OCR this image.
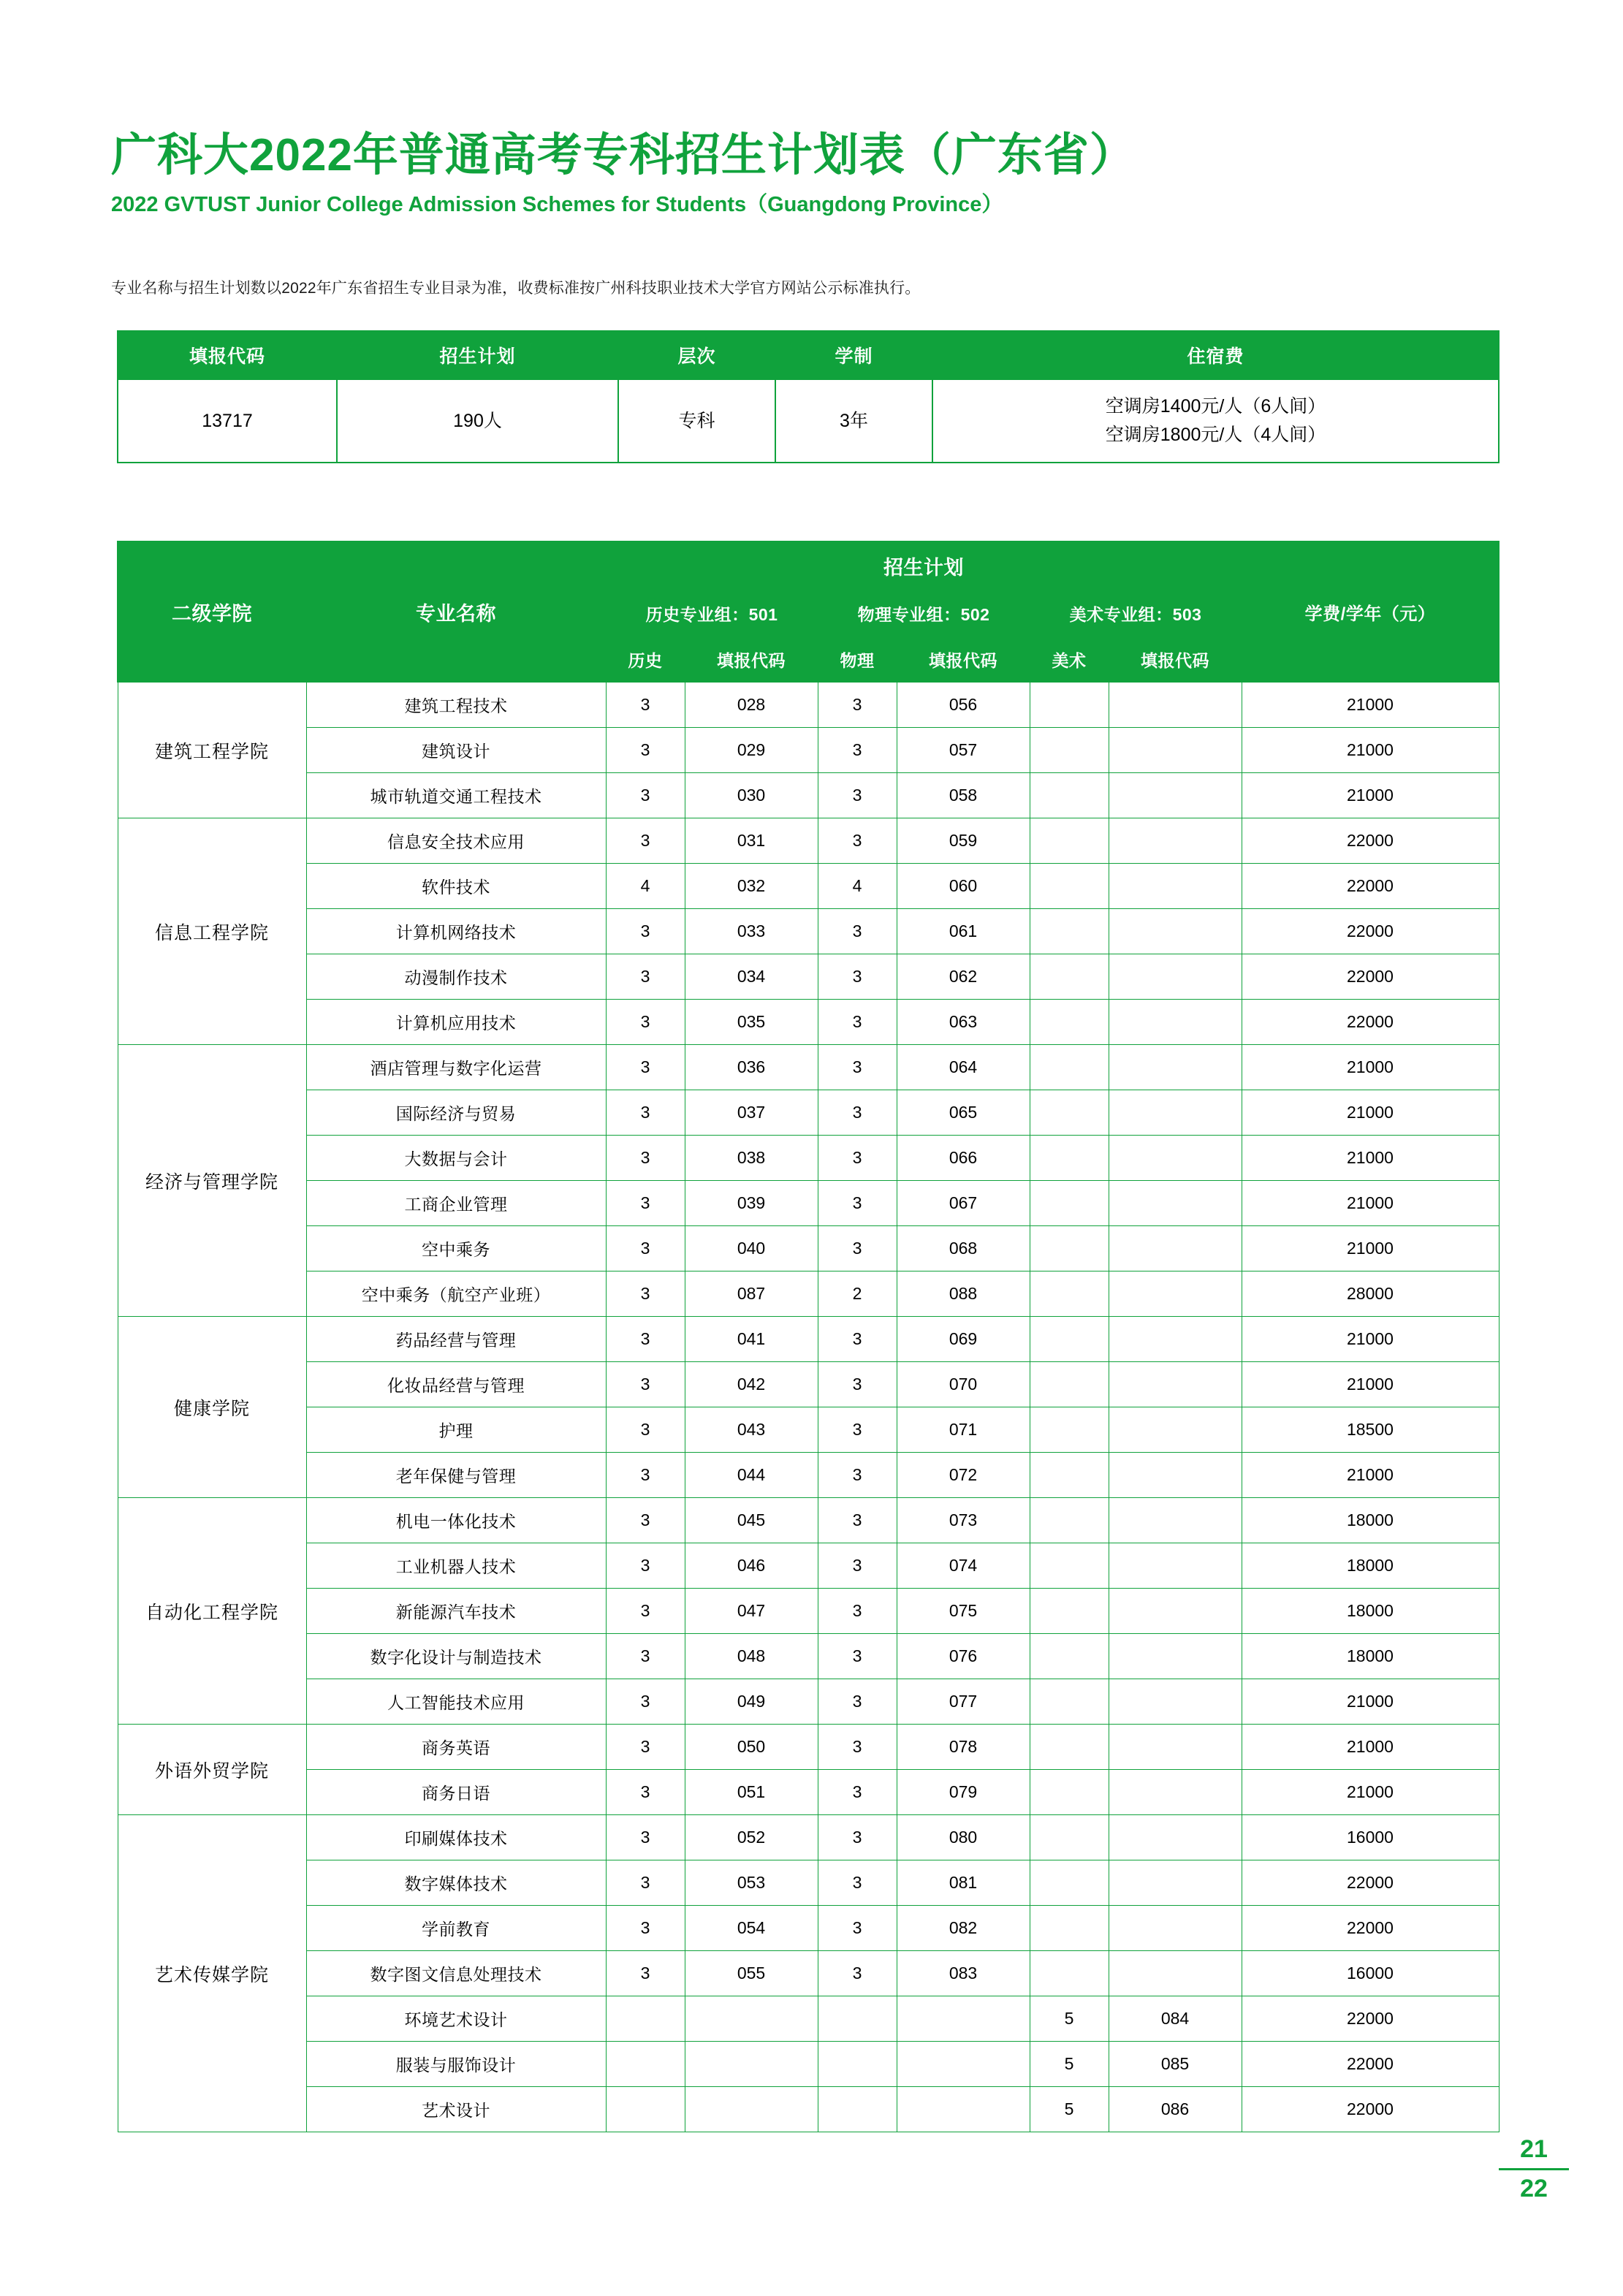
广科大2022年普通高考专科招生计划表（广东省）
2022 GVTUST Junior College Admission Schemes for Students（Guangdong Province）
专业名称与招生计划数以2022年广东省招生专业目录为准，收费标准按广州科技职业技术大学官方网站公示标准执行。
填报代码	招生计划	层次	学制	住宿费
13717	190人	专科	3年	空调房1400元/人（6人间）
空调房1800元/人（4人间）
二级学院	专业名称	招生计划						学费/学年（元）
		历史专业组：501		物理专业组：502		美术专业组：503		
		历史	填报代码	物理	填报代码	美术	填报代码	
建筑工程学院	建筑工程技术	3	028	3	056			21000
	建筑设计	3	029	3	057			21000
	城市轨道交通工程技术	3	030	3	058			21000
信息工程学院	信息安全技术应用	3	031	3	059			22000
	软件技术	4	032	4	060			22000
	计算机网络技术	3	033	3	061			22000
	动漫制作技术	3	034	3	062			22000
	计算机应用技术	3	035	3	063			22000
经济与管理学院	酒店管理与数字化运营	3	036	3	064			21000
	国际经济与贸易	3	037	3	065			21000
	大数据与会计	3	038	3	066			21000
	工商企业管理	3	039	3	067			21000
	空中乘务	3	040	3	068			21000
	空中乘务（航空产业班）	3	087	2	088			28000
健康学院	药品经营与管理	3	041	3	069			21000
	化妆品经营与管理	3	042	3	070			21000
	护理	3	043	3	071			18500
	老年保健与管理	3	044	3	072			21000
自动化工程学院	机电一体化技术	3	045	3	073			18000
	工业机器人技术	3	046	3	074			18000
	新能源汽车技术	3	047	3	075			18000
	数字化设计与制造技术	3	048	3	076			18000
	人工智能技术应用	3	049	3	077			21000
外语外贸学院	商务英语	3	050	3	078			21000
	商务日语	3	051	3	079			21000
艺术传媒学院	印刷媒体技术	3	052	3	080			16000
	数字媒体技术	3	053	3	081			22000
	学前教育	3	054	3	082			22000
	数字图文信息处理技术	3	055	3	083			16000
	环境艺术设计					5	084	22000
	服装与服饰设计					5	085	22000
	艺术设计					5	086	22000
21
22
